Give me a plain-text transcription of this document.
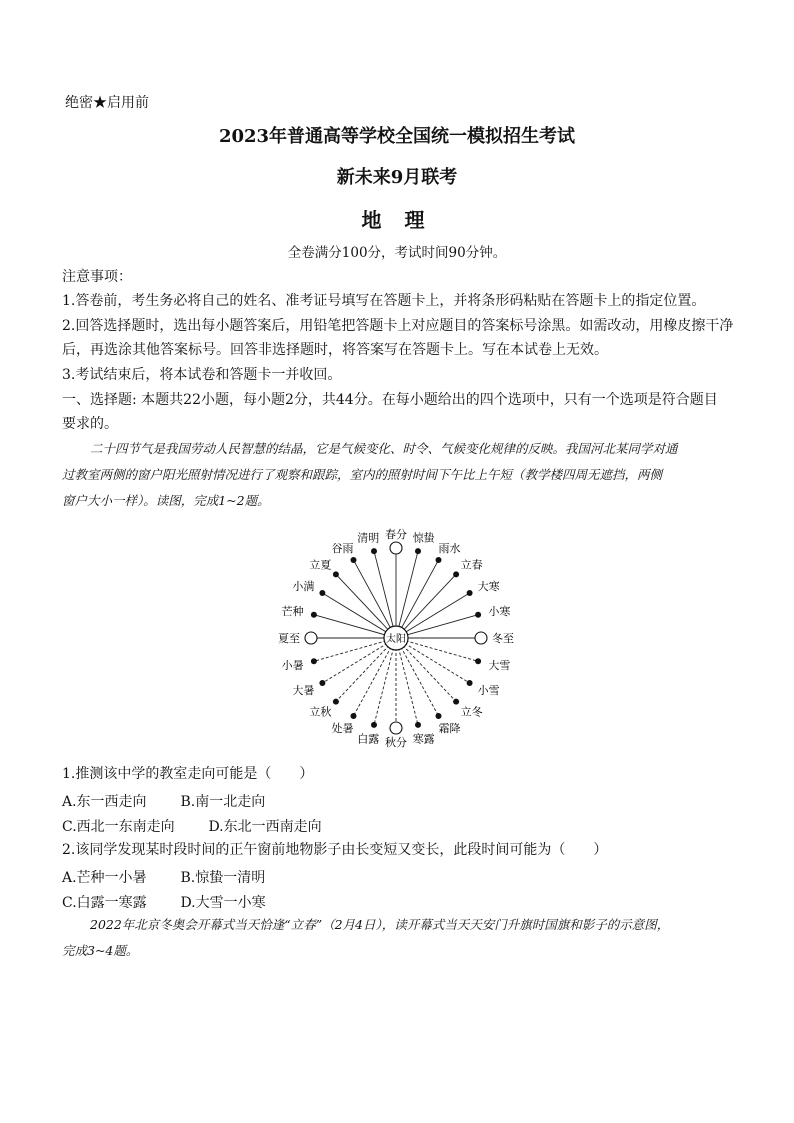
绝密★启用前
2023年普通高等学校全国统一模拟招生考试
新未来9月联考
地 理
全卷满分100分，考试时间90分钟。
注意事项：
1.答卷前，考生务必将自己的姓名、准考证号填写在答题卡上，并将条形码粘贴在答题卡上的指定位置。
2.回答选择题时，选出每小题答案后，用铅笔把答题卡上对应题目的答案标号涂黑。如需改动，用橡皮擦干净
后，再选涂其他答案标号。回答非选择题时，将答案写在答题卡上。写在本试卷上无效。
3.考试结束后，将本试卷和答题卡一并收回。
一、选择题: 本题共22小题，每小题2分，共44分。在每小题给出的四个选项中，只有一个选项是符合题目
要求的。
二十四节气是我国劳动人民智慧的结晶，它是气候变化、时令、气候变化规律的反映。我国河北某同学对通
过教室两侧的窗户阳光照射情况进行了观察和跟踪，室内的照射时间下午比上午短（教学楼四周无遮挡，两侧
窗户大小一样）。读图，完成1~2题。
春分 惊蛰
雨水
立春
大寒
小寒
冬至
大雪
小雪
立冬
霜降
寒露
秋分
白露
处暑
立秋
大暑
小暑
夏至
芒种
小满
立夏
谷雨
清明
太阳
1.推测该中学的教室走向可能是（　　）
A.东一西走向 B.南一北走向
C.西北一东南走向 D.东北一西南走向
2.该同学发现某时段时间的正午窗前地物影子由长变短又变长，此段时间可能为（　　）
A.芒种一小暑 B.惊蛰一清明
C.白露一寒露 D.大雪一小寒
2022年北京冬奥会开幕式当天恰逢“立春”（2月4日），读开幕式当天天安门升旗时国旗和影子的示意图，
完成3~4题。
